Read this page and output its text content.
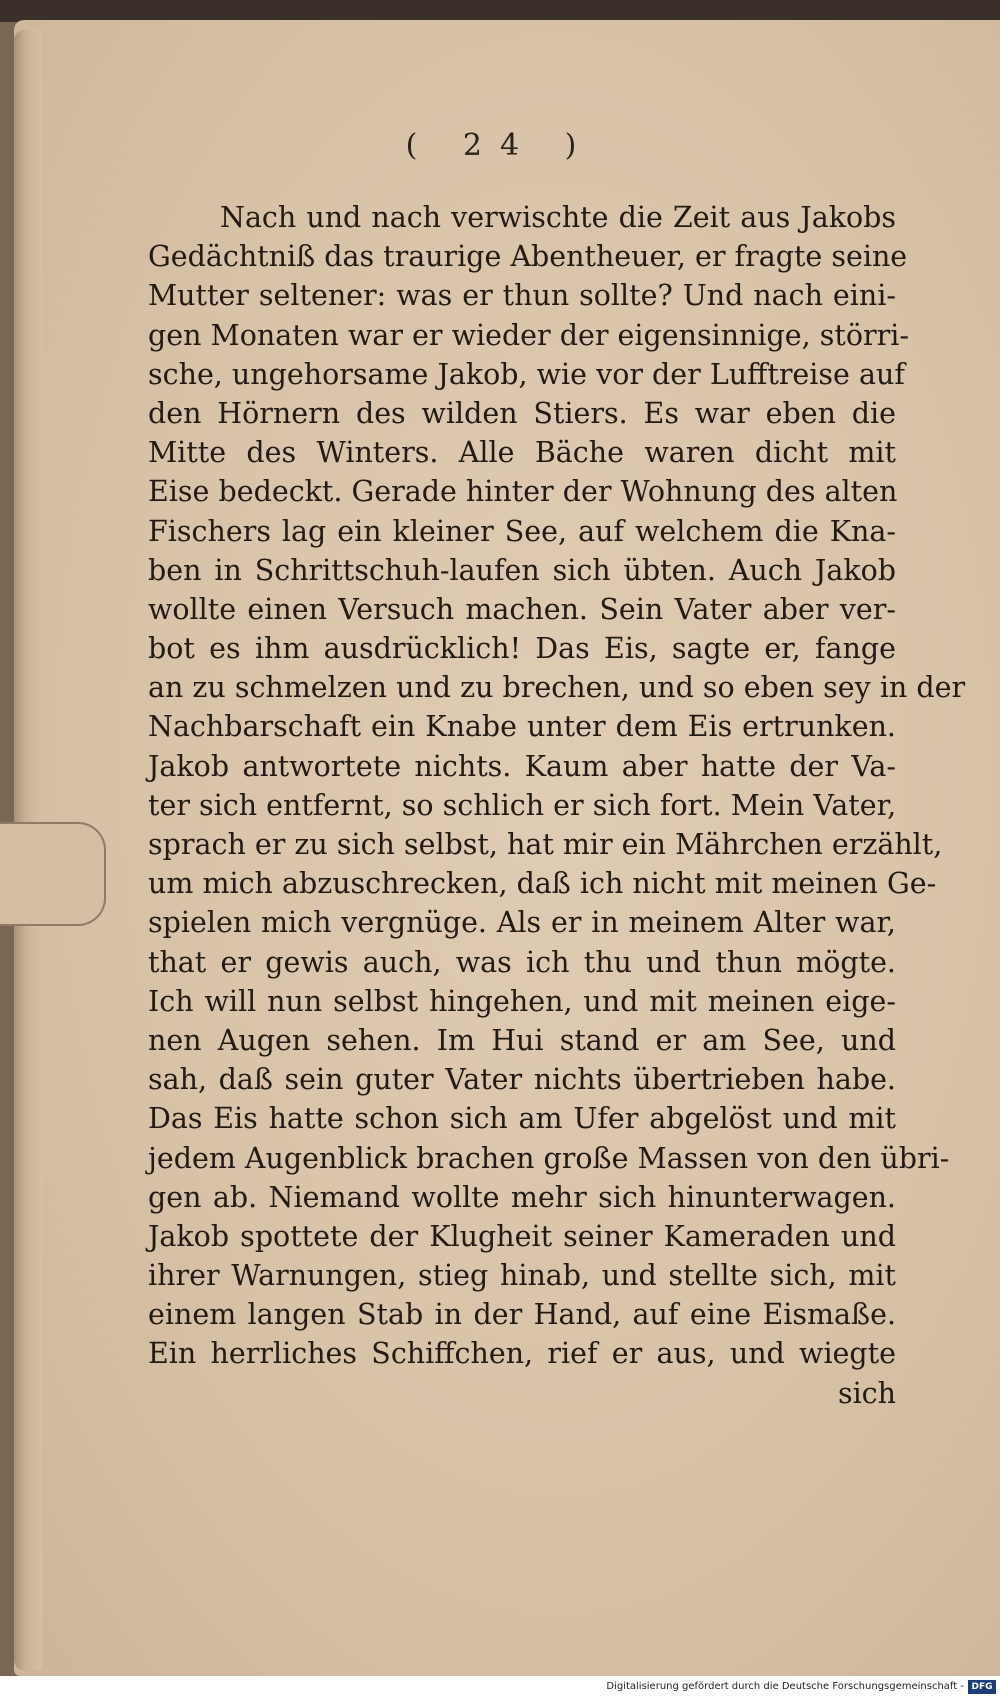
( 24 )
Nach und nach verwischte die Zeit aus Jakobs
Gedächtniß das traurige Abentheuer, er fragte seine
Mutter seltener: was er thun sollte? Und nach eini-
gen Monaten war er wieder der eigensinnige, störri-
sche, ungehorsame Jakob, wie vor der Lufftreise auf
den Hörnern des wilden Stiers. Es war eben die
Mitte des Winters. Alle Bäche waren dicht mit
Eise bedeckt. Gerade hinter der Wohnung des alten
Fischers lag ein kleiner See, auf welchem die Kna-
ben in Schrittschuh-laufen sich übten. Auch Jakob
wollte einen Versuch machen. Sein Vater aber ver-
bot es ihm ausdrücklich! Das Eis, sagte er, fange
an zu schmelzen und zu brechen, und so eben sey in der
Nachbarschaft ein Knabe unter dem Eis ertrunken.
Jakob antwortete nichts. Kaum aber hatte der Va-
ter sich entfernt, so schlich er sich fort. Mein Vater,
sprach er zu sich selbst, hat mir ein Mährchen erzählt,
um mich abzuschrecken, daß ich nicht mit meinen Ge-
spielen mich vergnüge. Als er in meinem Alter war,
that er gewis auch, was ich thu und thun mögte.
Ich will nun selbst hingehen, und mit meinen eige-
nen Augen sehen. Im Hui stand er am See, und
sah, daß sein guter Vater nichts übertrieben habe.
Das Eis hatte schon sich am Ufer abgelöst und mit
jedem Augenblick brachen große Massen von den übri-
gen ab. Niemand wollte mehr sich hinunterwagen.
Jakob spottete der Klugheit seiner Kameraden und
ihrer Warnungen, stieg hinab, und stellte sich, mit
einem langen Stab in der Hand, auf eine Eismaße.
Ein herrliches Schiffchen, rief er aus, und wiegte
sich
Digitalisierung gefördert durch die Deutsche Forschungsgemeinschaft - DFG
